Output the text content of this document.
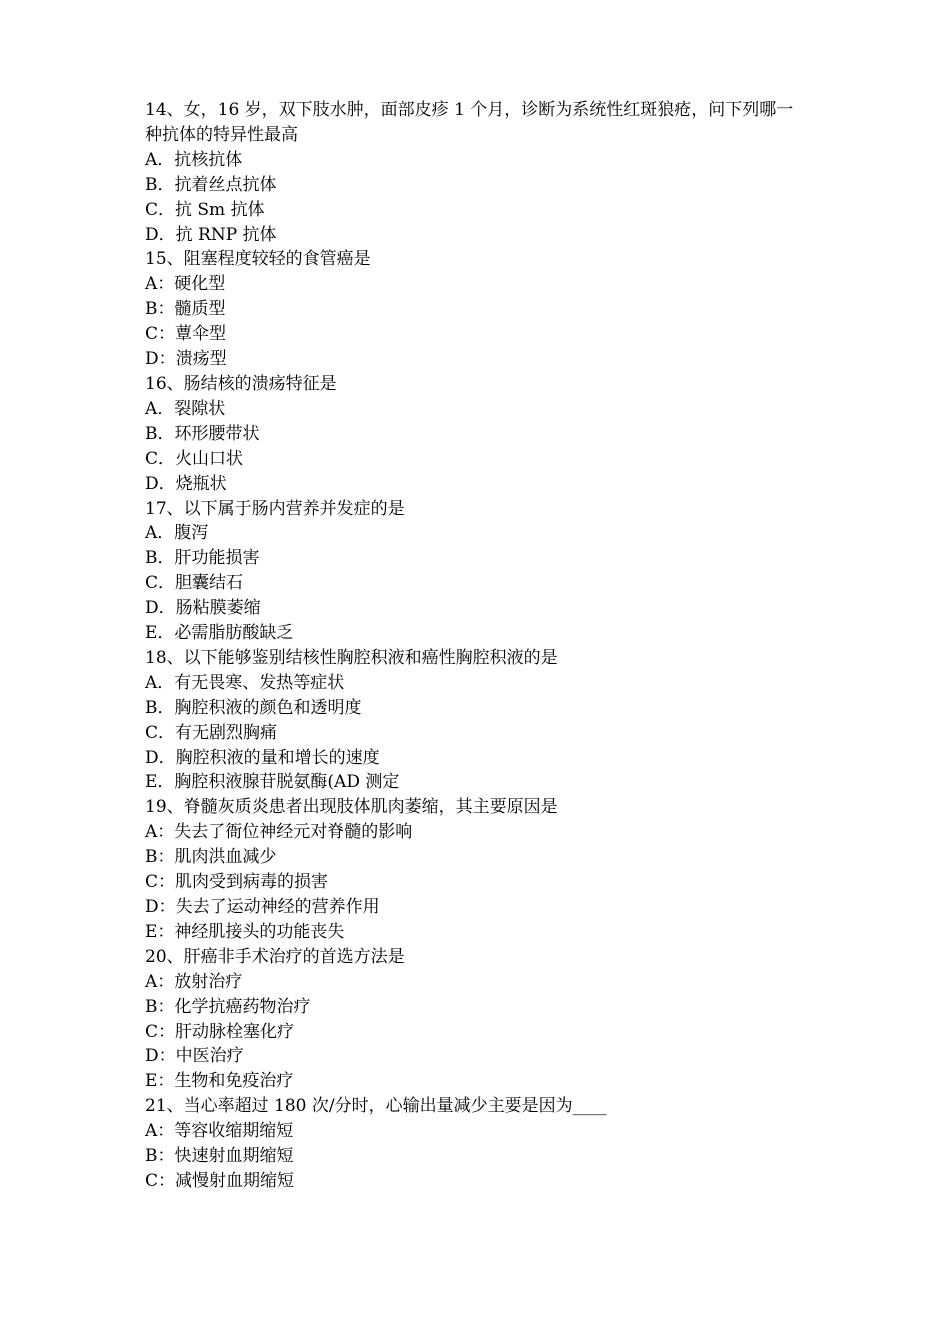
14、女，16 岁，双下肢水肿，面部皮疹 1 个月，诊断为系统性红斑狼疮，问下列哪一种抗体的特异性最高

A．抗核抗体

B．抗着丝点抗体

C．抗 Sm 抗体

D．抗 RNP 抗体

15、阻塞程度较轻的食管癌是

A：硬化型

B：髓质型

C：蕈伞型

D：溃疡型

16、肠结核的溃疡特征是

A．裂隙状

B．环形腰带状

C．火山口状

D．烧瓶状

17、以下属于肠内营养并发症的是

A．腹泻

B．肝功能损害

C．胆囊结石

D．肠粘膜萎缩

E．必需脂肪酸缺乏

18、以下能够鉴别结核性胸腔积液和癌性胸腔积液的是

A．有无畏寒、发热等症状

B．胸腔积液的颜色和透明度

C．有无剧烈胸痛

D．胸腔积液的量和增长的速度

E．胸腔积液腺苷脱氨酶(AD 测定

19、脊髓灰质炎患者出现肢体肌肉萎缩，其主要原因是

A：失去了衙位神经元对脊髓的影响

B：肌肉洪血减少

C：肌肉受到病毒的损害

D：失去了运动神经的营养作用

E：神经肌接头的功能丧失

20、肝癌非手术治疗的首选方法是

A：放射治疗

B：化学抗癌药物治疗

C：肝动脉栓塞化疗

D：中医治疗

E：生物和免疫治疗

21、当心率超过 180 次/分时，心输出量减少主要是因为____

A：等容收缩期缩短

B：快速射血期缩短

C：减慢射血期缩短
